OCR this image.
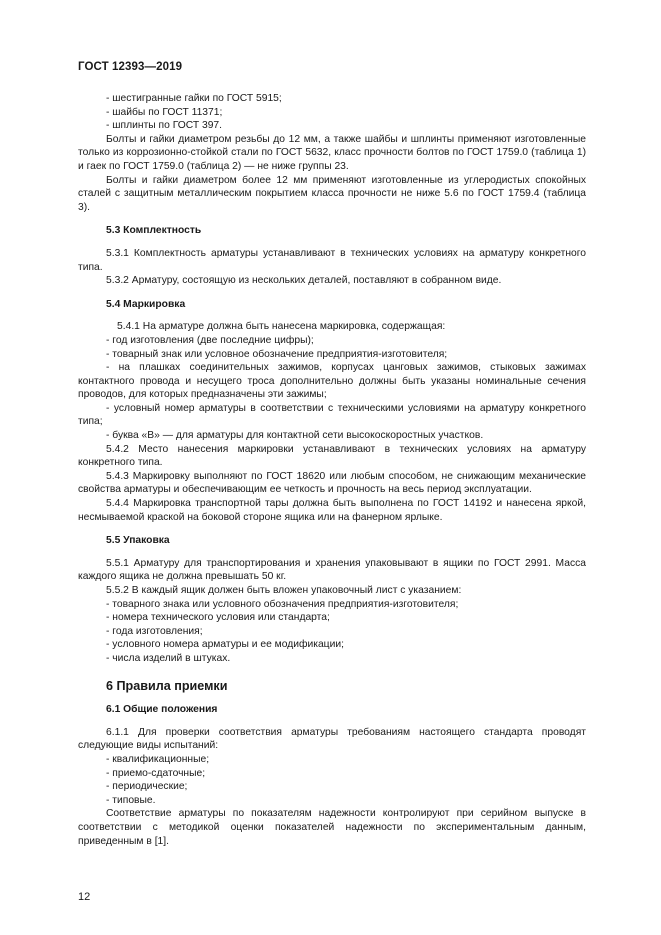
ГОСТ 12393—2019
- шестигранные гайки по ГОСТ 5915;
- шайбы по ГОСТ 11371;
- шплинты по ГОСТ 397.

Болты и гайки диаметром резьбы до 12 мм, а также шайбы и шплинты применяют изготовленные только из коррозионно-стойкой стали по ГОСТ 5632, класс прочности болтов по ГОСТ 1759.0 (таблица 1) и гаек по ГОСТ 1759.0 (таблица 2) — не ниже группы 23.

Болты и гайки диаметром более 12 мм применяют изготовленные из углеродистых спокойных сталей с защитным металлическим покрытием класса прочности не ниже 5.6 по ГОСТ 1759.4 (таблица 3).

5.3 Комплектность

5.3.1 Комплектность арматуры устанавливают в технических условиях на арматуру конкретного типа.

5.3.2 Арматуру, состоящую из нескольких деталей, поставляют в собранном виде.

5.4 Маркировка
5.4.1 На арматуре должна быть нанесена маркировка, содержащая:
- год изготовления (две последние цифры);
- товарный знак или условное обозначение предприятия-изготовителя;

- на плашках соединительных зажимов, корпусах цанговых зажимов, стыковых зажимах контактного провода и несущего троса дополнительно должны быть указаны номинальные сечения проводов, для которых предназначены эти зажимы;

- условный номер арматуры в соответствии с техническими условиями на арматуру конкретного типа;

- буква «В» — для арматуры для контактной сети высокоскоростных участков.

5.4.2 Место нанесения маркировки устанавливают в технических условиях на арматуру конкретного типа.

5.4.3 Маркировку выполняют по ГОСТ 18620 или любым способом, не снижающим механические свойства арматуры и обеспечивающим ее четкость и прочность на весь период эксплуатации.

5.4.4 Маркировка транспортной тары должна быть выполнена по ГОСТ 14192 и нанесена яркой, несмываемой краской на боковой стороне ящика или на фанерном ярлыке.

5.5 Упаковка

5.5.1 Арматуру для транспортирования и хранения упаковывают в ящики по ГОСТ 2991. Масса каждого ящика не должна превышать 50 кг.

5.5.2 В каждый ящик должен быть вложен упаковочный лист с указанием:

- товарного знака или условного обозначения предприятия-изготовителя;
- номера технического условия или стандарта;
- года изготовления;
- условного номера арматуры и ее модификации;
- числа изделий в штуках.
6 Правила приемки
6.1 Общие положения

6.1.1 Для проверки соответствия арматуры требованиям настоящего стандарта проводят следующие виды испытаний:

- квалификационные;
- приемо-сдаточные;
- периодические;
- типовые.

Соответствие арматуры по показателям надежности контролируют при серийном выпуске в соответствии с методикой оценки показателей надежности по экспериментальным данным, приведенным в [1].

12
